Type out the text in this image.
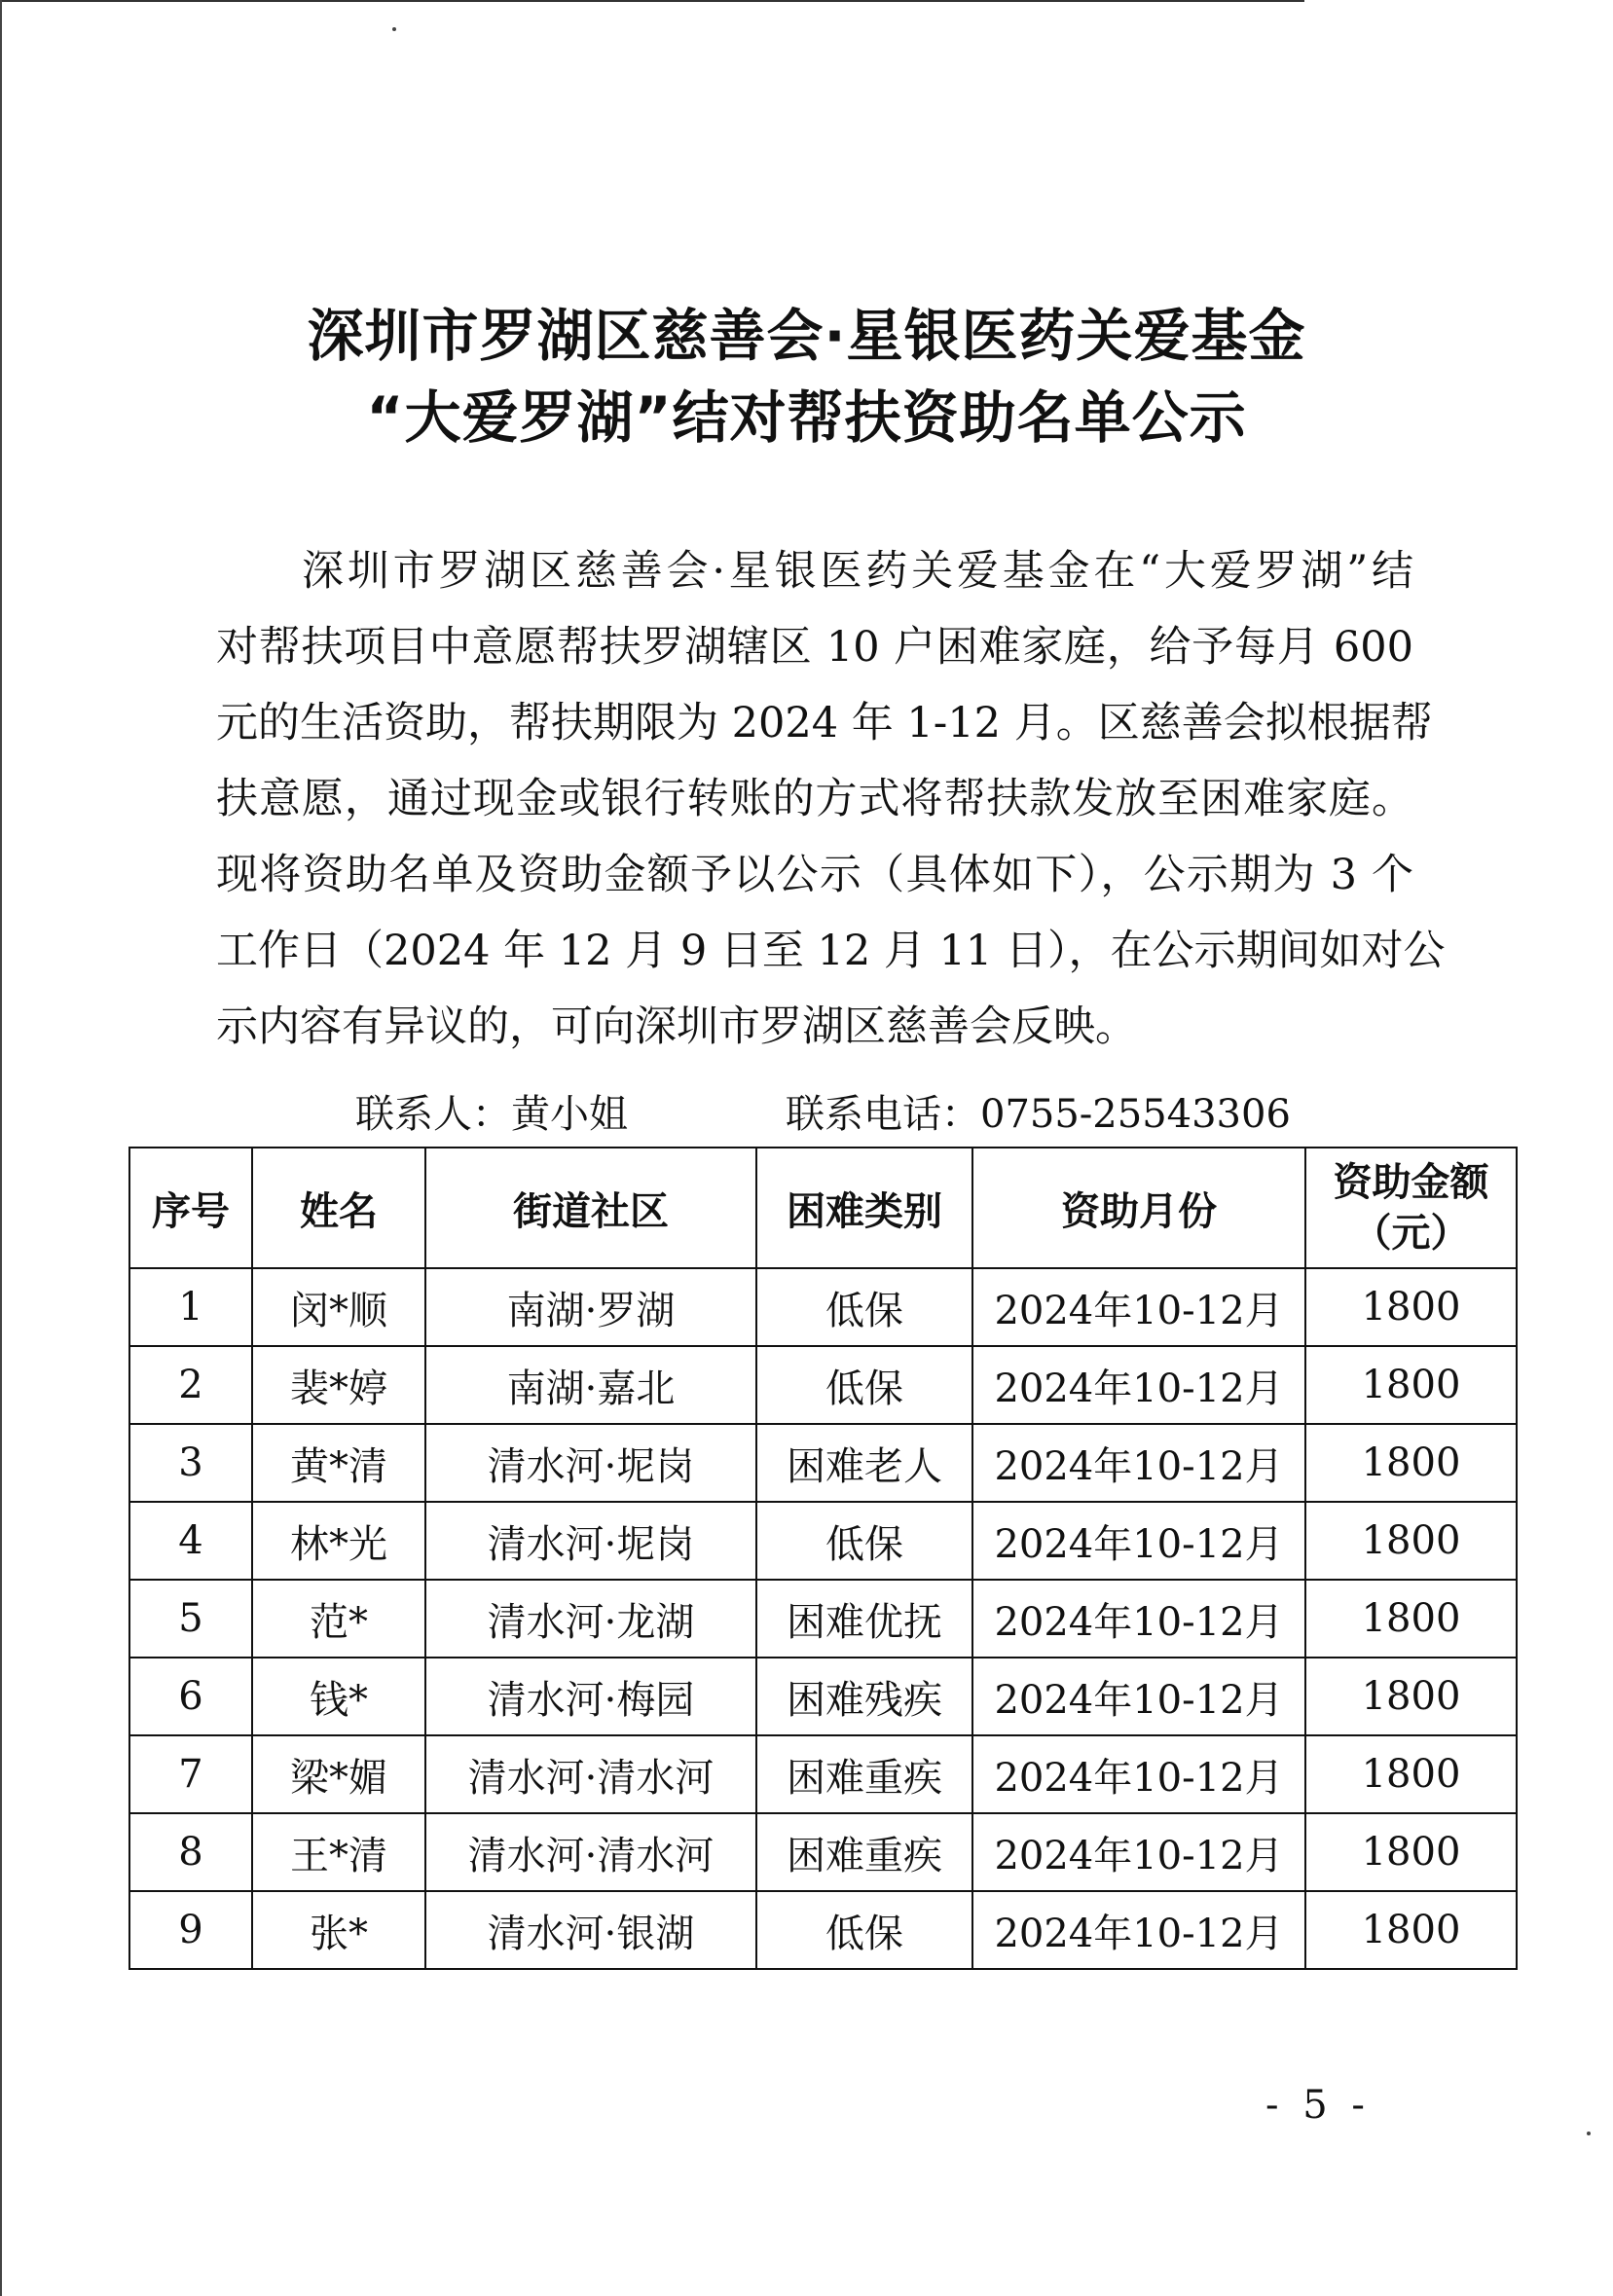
深圳市罗湖区慈善会·星银医药关爱基金
“大爱罗湖”结对帮扶资助名单公示
深圳市罗湖区慈善会·星银医药关爱基金在“大爱罗湖”结
对帮扶项目中意愿帮扶罗湖辖区 10 户困难家庭，给予每月 600
元的生活资助，帮扶期限为 2024 年 1-12 月。区慈善会拟根据帮
扶意愿，通过现金或银行转账的方式将帮扶款发放至困难家庭。
现将资助名单及资助金额予以公示（具体如下），公示期为 3 个
工作日（2024 年 12 月 9 日至 12 月 11 日），在公示期间如对公
示内容有异议的，可向深圳市罗湖区慈善会反映。
联系人：黄小姐	联系电话：0755-25543306
序号	姓名	街道社区	困难类别	资助月份	资助金额
（元）

1	闵*顺	南湖·罗湖	低保	2024年10-12月	1800
2	裴*婷	南湖·嘉北	低保	2024年10-12月	1800
3	黄*清	清水河·坭岗	困难老人	2024年10-12月	1800
4	林*光	清水河·坭岗	低保	2024年10-12月	1800
5	范*	清水河·龙湖	困难优抚	2024年10-12月	1800
6	钱*	清水河·梅园	困难残疾	2024年10-12月	1800
7	梁*媚	清水河·清水河	困难重疾	2024年10-12月	1800
8	王*清	清水河·清水河	困难重疾	2024年10-12月	1800
9	张*	清水河·银湖	低保	2024年10-12月	1800
- 5 -
